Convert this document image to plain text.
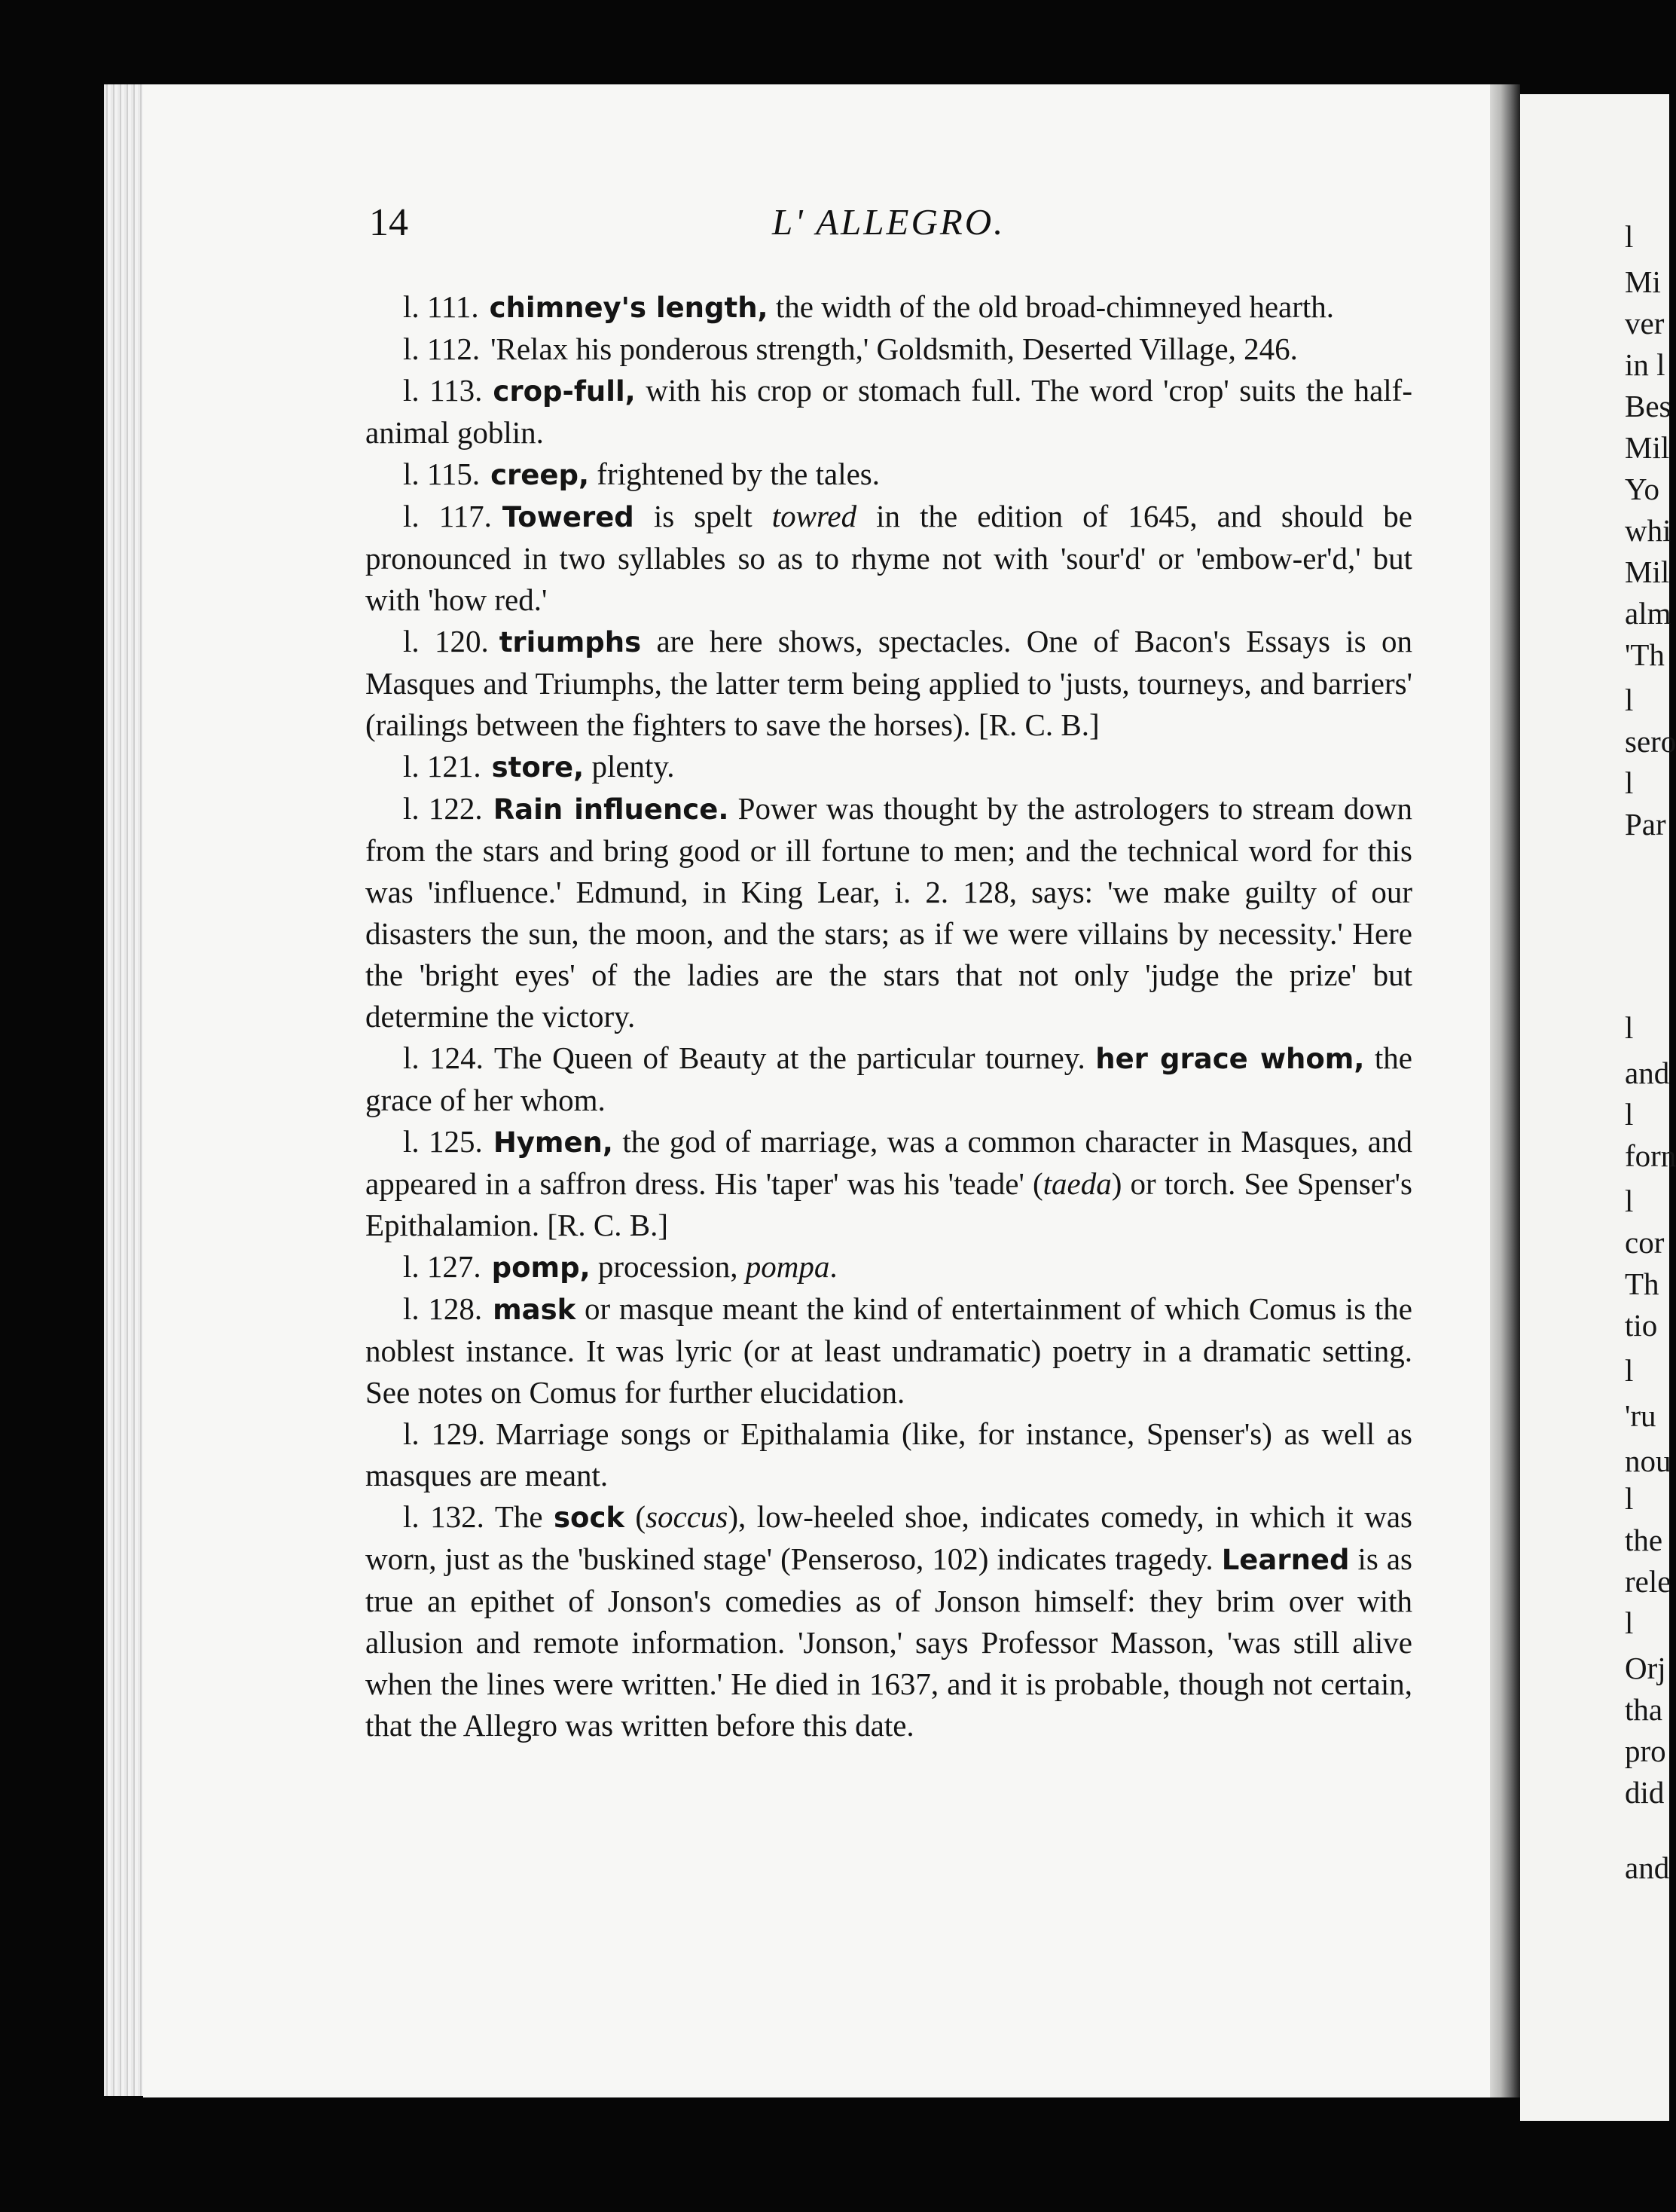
l
Mi
ver
in l
Bes
Mil
Yo
whi
Mil
alm
'Th
l
sero
l
Par
l
and
l
forn
l
cor
Th
tio
l
'ru
nou
l
the
rele
l
Orj
tha
pro
did
and
14	L' ALLEGRO.

l. 111. chimney's length, the width of the old broad-chimneyed hearth.

l. 112. 'Relax his ponderous strength,' Goldsmith, Deserted Village, 246.

l. 113. crop-full, with his crop or stomach full. The word 'crop' suits the half-animal goblin.

l. 115. creep, frightened by the tales.

l. 117. Towered is spelt towred in the edition of 1645, and should be pronounced in two syllables so as to rhyme not with 'sour'd' or 'embow-er'd,' but with 'how red.'

l. 120. triumphs are here shows, spectacles. One of Bacon's Essays is on Masques and Triumphs, the latter term being applied to 'justs, tourneys, and barriers' (railings between the fighters to save the horses). [R. C. B.]

l. 121. store, plenty.

l. 122. Rain influence. Power was thought by the astrologers to stream down from the stars and bring good or ill fortune to men; and the technical word for this was 'influence.' Edmund, in King Lear, i. 2. 128, says: 'we make guilty of our disasters the sun, the moon, and the stars; as if we were villains by necessity.' Here the 'bright eyes' of the ladies are the stars that not only 'judge the prize' but determine the victory.

l. 124. The Queen of Beauty at the particular tourney. her grace whom, the grace of her whom.

l. 125. Hymen, the god of marriage, was a common character in Masques, and appeared in a saffron dress. His 'taper' was his 'teade' (taeda) or torch. See Spenser's Epithalamion. [R. C. B.]

l. 127. pomp, procession, pompa.

l. 128. mask or masque meant the kind of entertainment of which Comus is the noblest instance. It was lyric (or at least undramatic) poetry in a dramatic setting. See notes on Comus for further elucidation.

l. 129. Marriage songs or Epithalamia (like, for instance, Spenser's) as well as masques are meant.

l. 132. The sock (soccus), low-heeled shoe, indicates comedy, in which it was worn, just as the 'buskined stage' (Penseroso, 102) indicates tragedy. Learned is as true an epithet of Jonson's comedies as of Jonson himself: they brim over with allusion and remote information. 'Jonson,' says Professor Masson, 'was still alive when the lines were written.' He died in 1637, and it is probable, though not certain, that the Allegro was written before this date.
